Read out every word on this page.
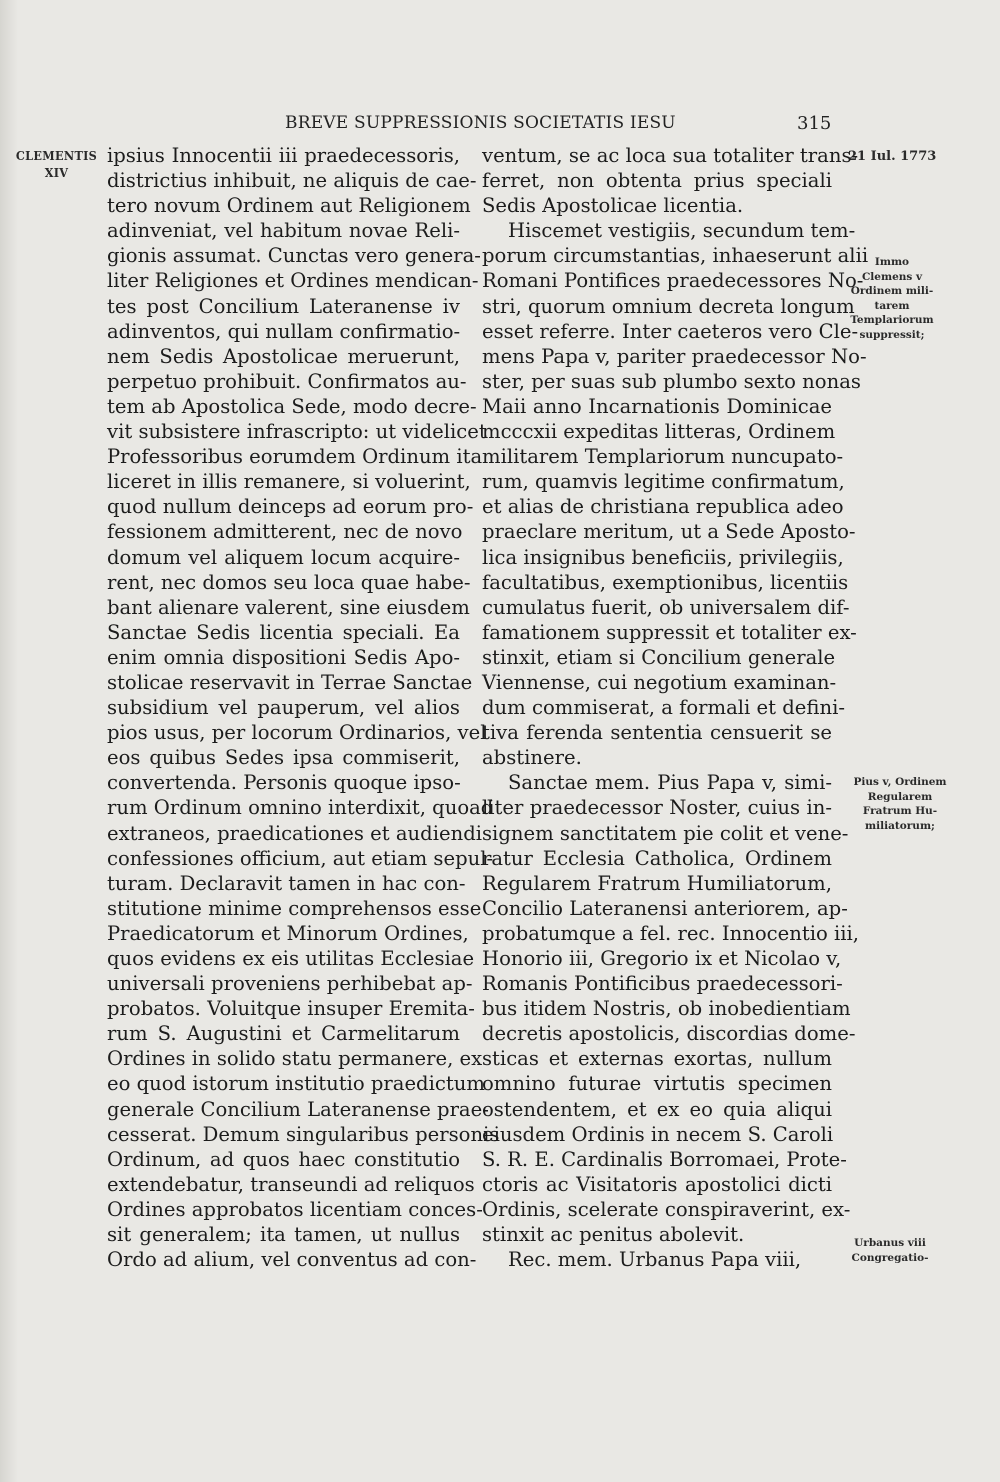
BREVE SUPPRESSIONIS SOCIETATIS IESU	315
CLEMENTIS
XIV
21 Iul. 1773
Immo
Clemens v
Ordinem mili-
tarem
Templariorum
suppressit;
Pius v, Ordinem
Regularem
Fratrum Hu-
miliatorum;
Urbanus viii
Congregatio-
ipsius Innocentii iii praedecessoris,
districtius inhibuit, ne aliquis de cae-
tero novum Ordinem aut Religionem
adinveniat, vel habitum novae Reli-
gionis assumat. Cunctas vero genera-
liter Religiones et Ordines mendican-
tes post Concilium Lateranense iv
adinventos, qui nullam confirmatio-
nem Sedis Apostolicae meruerunt,
perpetuo prohibuit. Confirmatos au-
tem ab Apostolica Sede, modo decre-
vit subsistere infrascripto: ut videlicet
Professoribus eorumdem Ordinum ita
liceret in illis remanere, si voluerint,
quod nullum deinceps ad eorum pro-
fessionem admitterent, nec de novo
domum vel aliquem locum acquire-
rent, nec domos seu loca quae habe-
bant alienare valerent, sine eiusdem
Sanctae Sedis licentia speciali. Ea
enim omnia dispositioni Sedis Apo-
stolicae reservavit in Terrae Sanctae
subsidium vel pauperum, vel alios
pios usus, per locorum Ordinarios, vel
eos quibus Sedes ipsa commiserit,
convertenda. Personis quoque ipso-
rum Ordinum omnino interdixit, quoad
extraneos, praedicationes et audiendi
confessiones officium, aut etiam sepul-
turam. Declaravit tamen in hac con-
stitutione minime comprehensos esse
Praedicatorum et Minorum Ordines,
quos evidens ex eis utilitas Ecclesiae
universali proveniens perhibebat ap-
probatos. Voluitque insuper Eremita-
rum S. Augustini et Carmelitarum
Ordines in solido statu permanere, ex
eo quod istorum institutio praedictum
generale Concilium Lateranense prae-
cesserat. Demum singularibus personis
Ordinum, ad quos haec constitutio
extendebatur, transeundi ad reliquos
Ordines approbatos licentiam conces-
sit generalem; ita tamen, ut nullus
Ordo ad alium, vel conventus ad con-
ventum, se ac loca sua totaliter trans-
ferret, non obtenta prius speciali
Sedis Apostolicae licentia.
Hiscemet vestigiis, secundum tem-
porum circumstantias, inhaeserunt alii
Romani Pontifices praedecessores No-
stri, quorum omnium decreta longum
esset referre. Inter caeteros vero Cle-
mens Papa v, pariter praedecessor No-
ster, per suas sub plumbo sexto nonas
Maii anno Incarnationis Dominicae
mcccxii expeditas litteras, Ordinem
militarem Templariorum nuncupato-
rum, quamvis legitime confirmatum,
et alias de christiana republica adeo
praeclare meritum, ut a Sede Aposto-
lica insignibus beneficiis, privilegiis,
facultatibus, exemptionibus, licentiis
cumulatus fuerit, ob universalem dif-
famationem suppressit et totaliter ex-
stinxit, etiam si Concilium generale
Viennense, cui negotium examinan-
dum commiserat, a formali et defini-
tiva ferenda sententia censuerit se
abstinere.
Sanctae mem. Pius Papa v, simi-
liter praedecessor Noster, cuius in-
signem sanctitatem pie colit et vene-
ratur Ecclesia Catholica, Ordinem
Regularem Fratrum Humiliatorum,
Concilio Lateranensi anteriorem, ap-
probatumque a fel. rec. Innocentio iii,
Honorio iii, Gregorio ix et Nicolao v,
Romanis Pontificibus praedecessori-
bus itidem Nostris, ob inobedientiam
decretis apostolicis, discordias dome-
sticas et externas exortas, nullum
omnino futurae virtutis specimen
ostendentem, et ex eo quia aliqui
eiusdem Ordinis in necem S. Caroli
S. R. E. Cardinalis Borromaei, Prote-
ctoris ac Visitatoris apostolici dicti
Ordinis, scelerate conspiraverint, ex-
stinxit ac penitus abolevit.
Rec. mem. Urbanus Papa viii,
